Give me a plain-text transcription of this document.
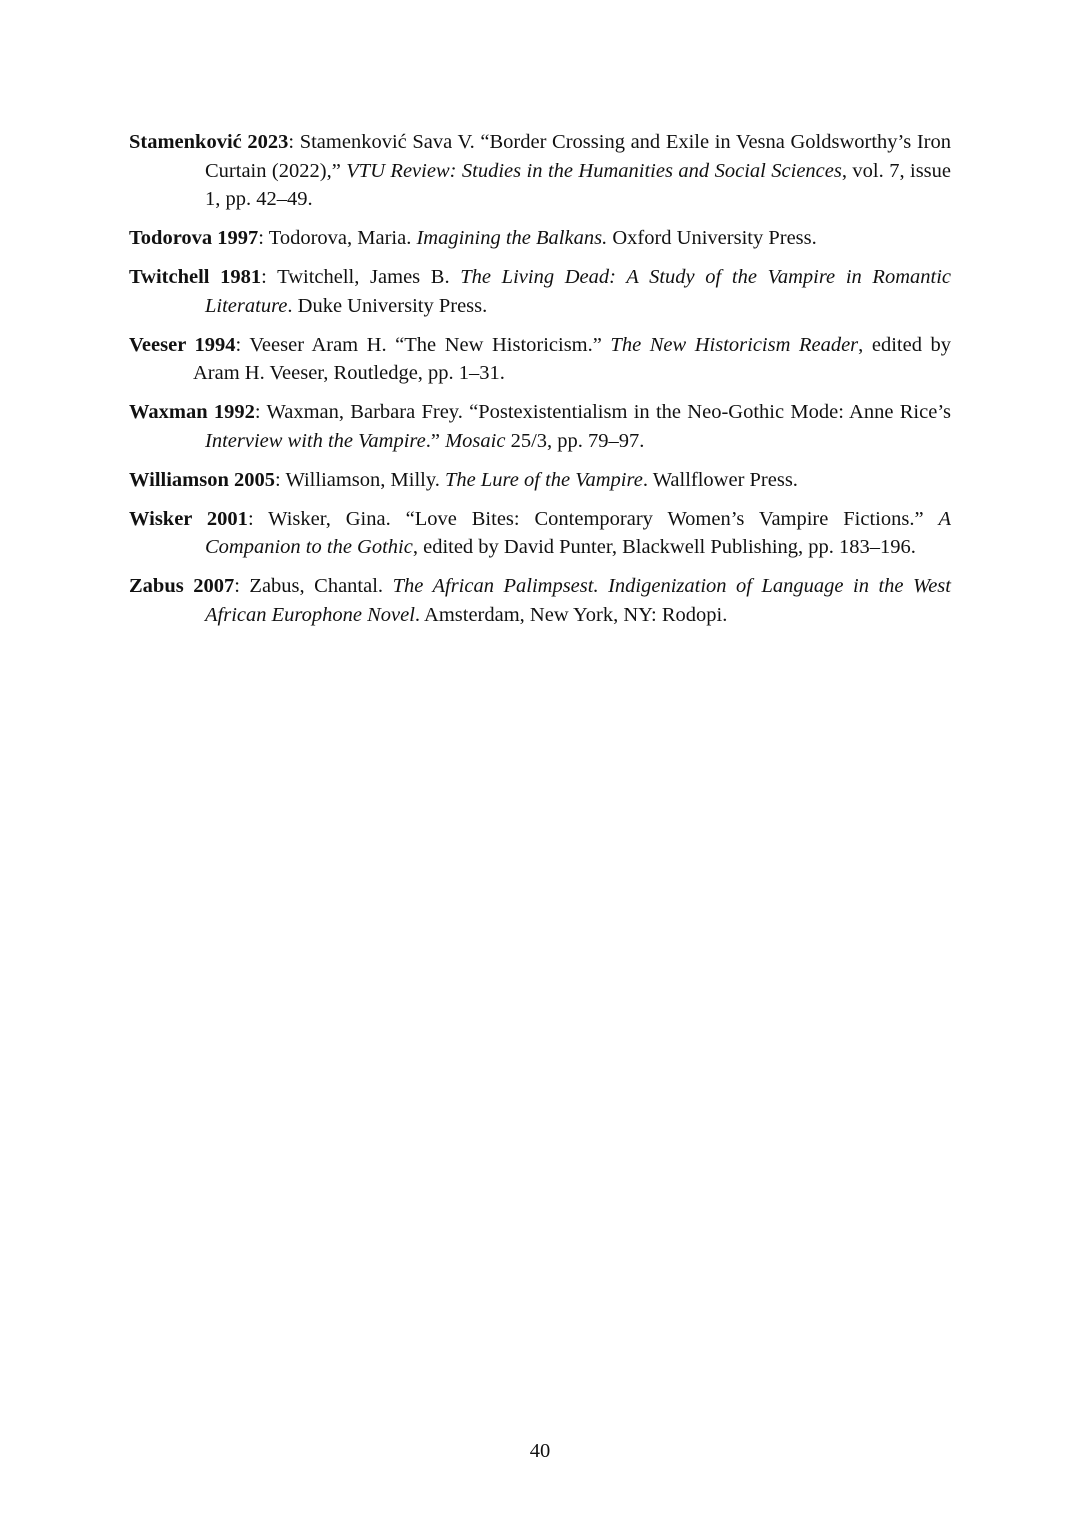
Stamenković 2023: Stamenković Sava V. “Border Crossing and Exile in Vesna Goldsworthy’s Iron Curtain (2022),” VTU Review: Studies in the Humanities and Social Sciences, vol. 7, issue 1, pp. 42–49.

Todorova 1997: Todorova, Maria. Imagining the Balkans. Oxford University Press.

Twitchell 1981: Twitchell, James B. The Living Dead: A Study of the Vampire in Romantic Literature. Duke University Press.

Veeser 1994: Veeser Aram H. “The New Historicism.” The New Historicism Reader, edited by Aram H. Veeser, Routledge, pp. 1–31.

Waxman 1992: Waxman, Barbara Frey. “Postexistentialism in the Neo-Gothic Mode: Anne Rice’s Interview with the Vampire.” Mosaic 25/3, pp. 79–97.

Williamson 2005: Williamson, Milly. The Lure of the Vampire. Wallflower Press.

Wisker 2001: Wisker, Gina. “Love Bites: Contemporary Women’s Vampire Fictions.” A Companion to the Gothic, edited by David Punter, Blackwell Publishing, pp. 183–196.

Zabus 2007: Zabus, Chantal. The African Palimpsest. Indigenization of Language in the West African Europhone Novel. Amsterdam, New York, NY: Rodopi.

40
